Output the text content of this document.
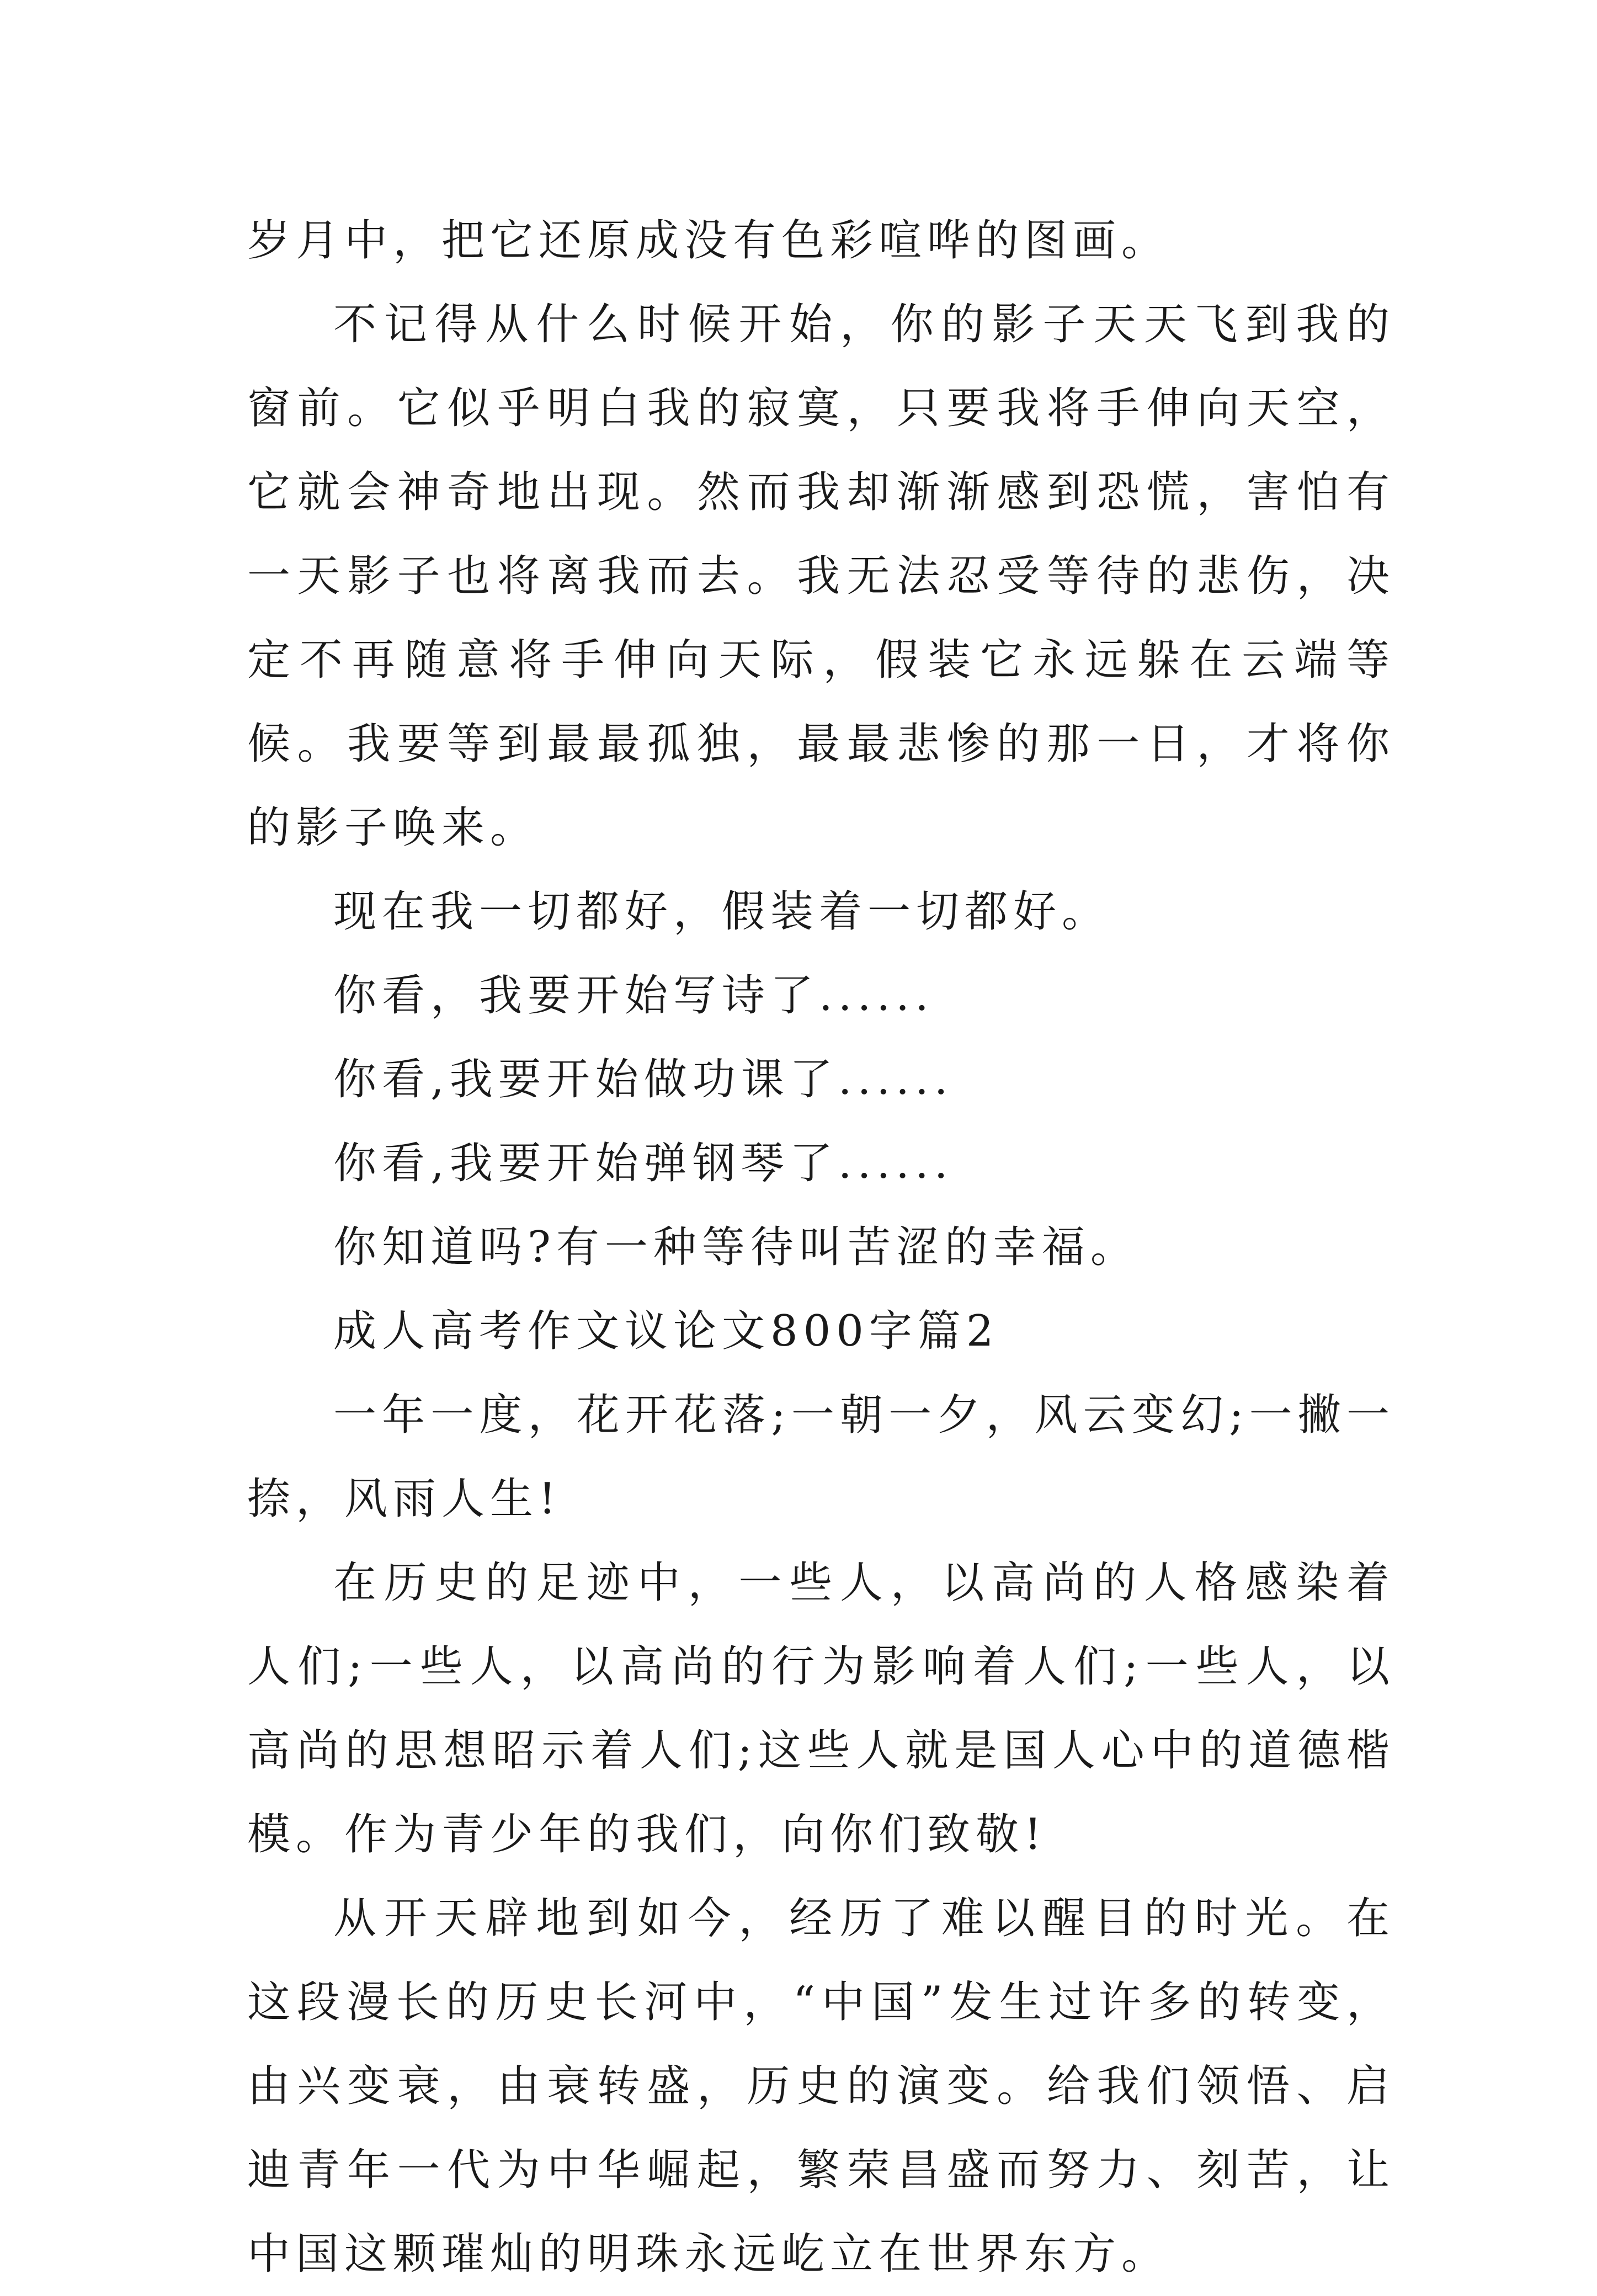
岁月中，把它还原成没有色彩喧哗的图画。

不记得从什么时候开始，你的影子天天飞到我的窗前。它似乎明白我的寂寞，只要我将手伸向天空，它就会神奇地出现。然而我却渐渐感到恐慌，害怕有一天影子也将离我而去。我无法忍受等待的悲伤，决定不再随意将手伸向天际，假装它永远躲在云端等候。我要等到最最孤独，最最悲惨的那一日，才将你的影子唤来。

现在我一切都好，假装着一切都好。

你看，我要开始写诗了......

你看,我要开始做功课了......

你看,我要开始弹钢琴了......

你知道吗?有一种等待叫苦涩的幸福。

成人高考作文议论文800字篇2

一年一度，花开花落;一朝一夕，风云变幻;一撇一捺，风雨人生!

在历史的足迹中，一些人，以高尚的人格感染着人们;一些人，以高尚的行为影响着人们;一些人，以高尚的思想昭示着人们;这些人就是国人心中的道德楷模。作为青少年的我们，向你们致敬!

从开天辟地到如今，经历了难以醒目的时光。在这段漫长的历史长河中，“中国”发生过许多的转变，由兴变衰，由衰转盛，历史的演变。给我们领悟、启迪青年一代为中华崛起，繁荣昌盛而努力、刻苦，让中国这颗璀灿的明珠永远屹立在世界东方。
